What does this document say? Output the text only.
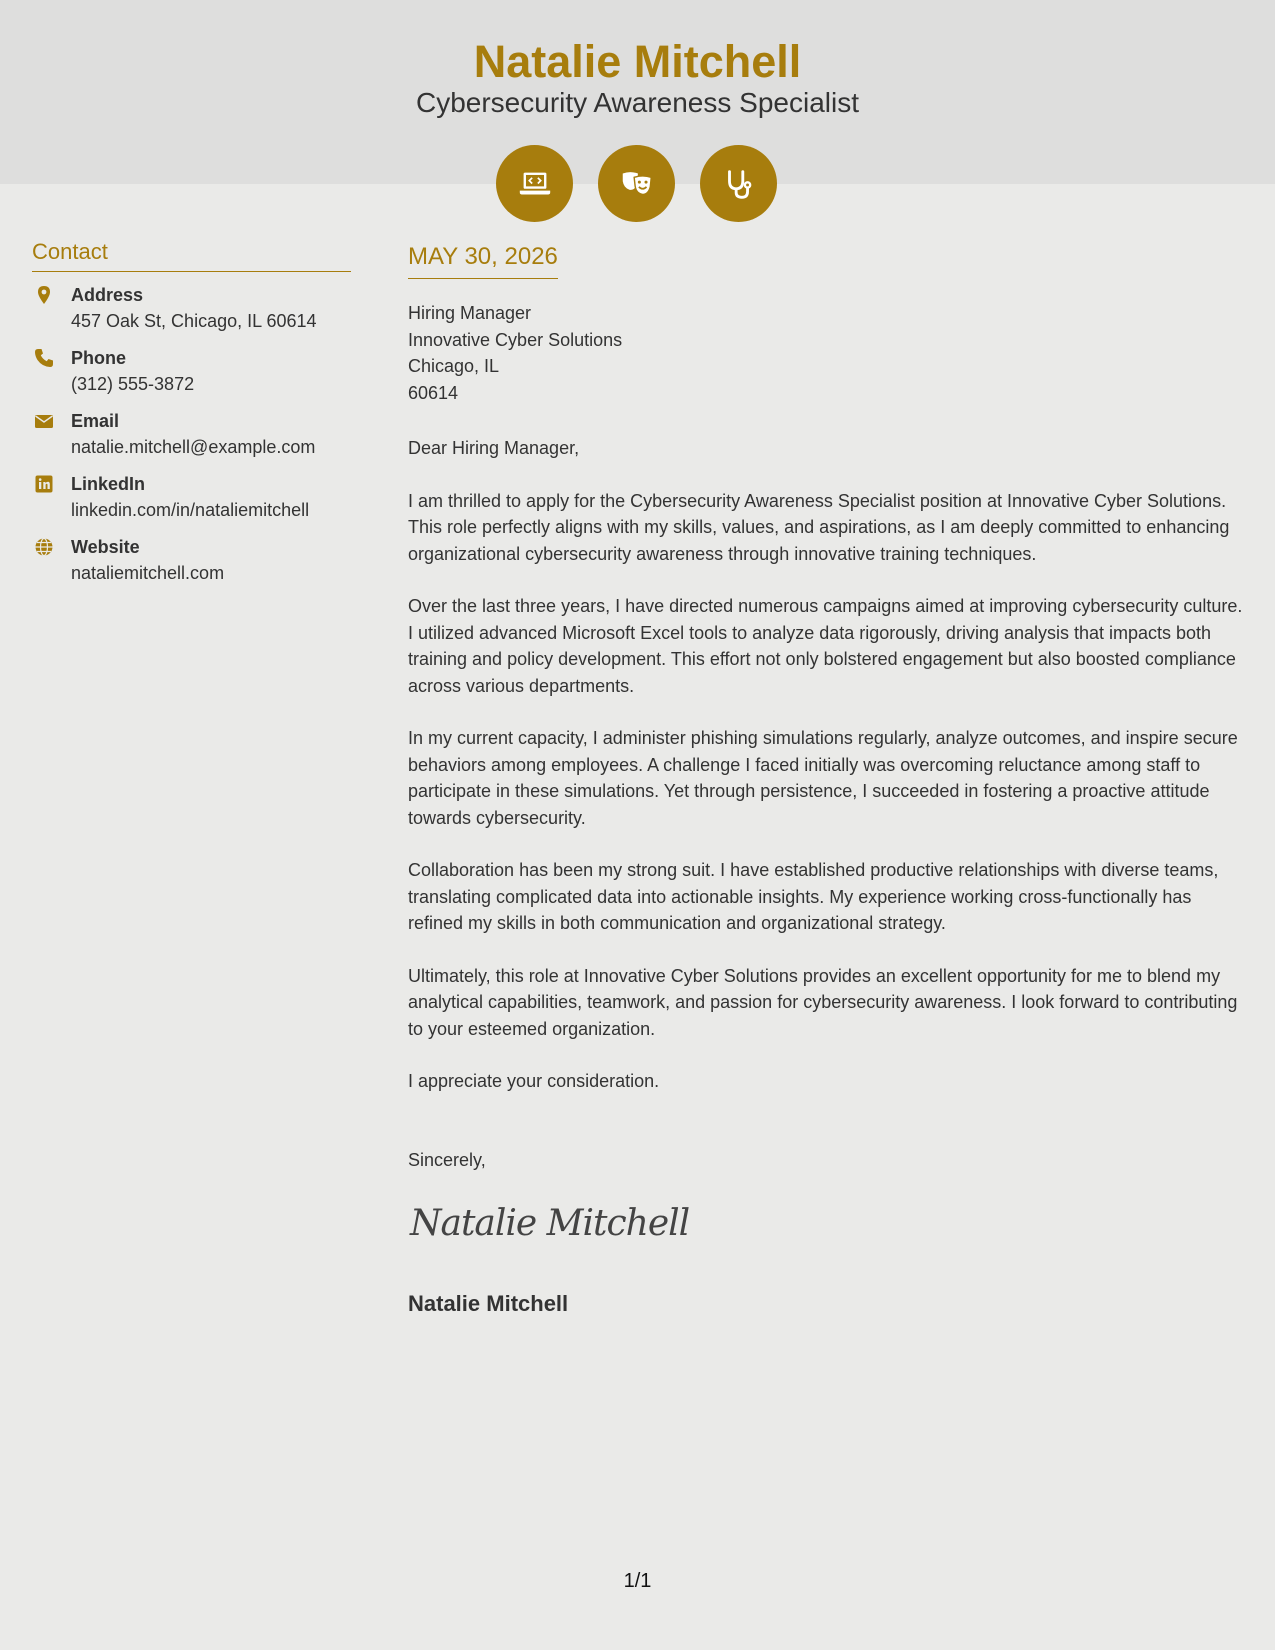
Natalie Mitchell
Cybersecurity Awareness Specialist
Contact
Address
457 Oak St, Chicago, IL 60614
Phone
(312) 555-3872
Email
natalie.mitchell@example.com
LinkedIn
linkedin.com/in/nataliemitchell
Website
nataliemitchell.com
MAY 30, 2026
Hiring Manager
Innovative Cyber Solutions
Chicago, IL
60614

Dear Hiring Manager,

I am thrilled to apply for the Cybersecurity Awareness Specialist position at Innovative Cyber Solutions. This role perfectly aligns with my skills, values, and aspirations, as I am deeply committed to enhancing organizational cybersecurity awareness through innovative training techniques.

Over the last three years, I have directed numerous campaigns aimed at improving cybersecurity culture. I utilized advanced Microsoft Excel tools to analyze data rigorously, driving analysis that impacts both training and policy development. This effort not only bolstered engagement but also boosted compliance across various departments.

In my current capacity, I administer phishing simulations regularly, analyze outcomes, and inspire secure behaviors among employees. A challenge I faced initially was overcoming reluctance among staff to participate in these simulations. Yet through persistence, I succeeded in fostering a proactive attitude towards cybersecurity.

Collaboration has been my strong suit. I have established productive relationships with diverse teams, translating complicated data into actionable insights. My experience working cross-functionally has refined my skills in both communication and organizational strategy.

Ultimately, this role at Innovative Cyber Solutions provides an excellent opportunity for me to blend my analytical capabilities, teamwork, and passion for cybersecurity awareness. I look forward to contributing to your esteemed organization.

I appreciate your consideration.

Sincerely,
Natalie Mitchell
Natalie Mitchell
1/1
